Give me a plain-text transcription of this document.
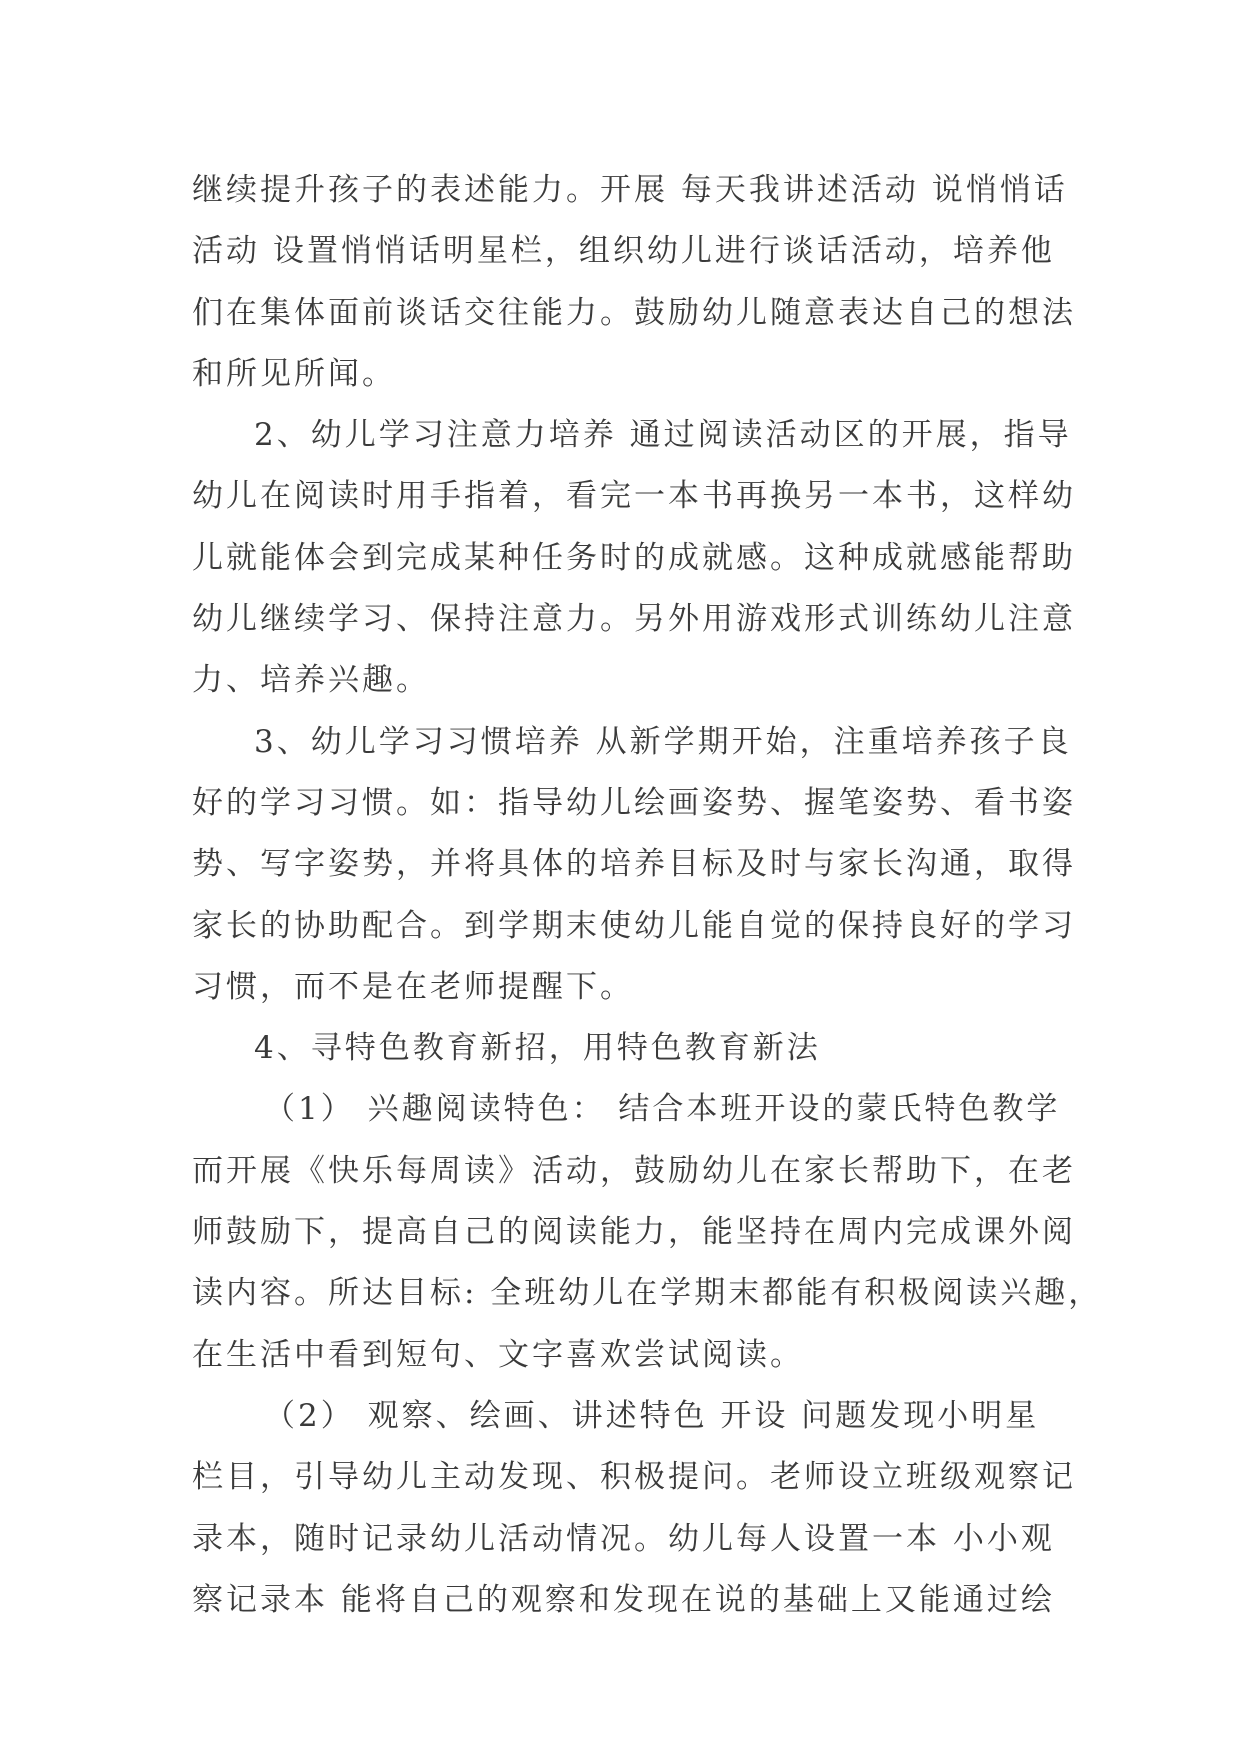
继续提升孩子的表述能力。开展 每天我讲述活动 说悄悄话
活动 设置悄悄话明星栏，组织幼儿进行谈话活动，培养他
们在集体面前谈话交往能力。鼓励幼儿随意表达自己的想法
和所见所闻。
2、幼儿学习注意力培养 通过阅读活动区的开展，指导
幼儿在阅读时用手指着，看完一本书再换另一本书，这样幼
儿就能体会到完成某种任务时的成就感。这种成就感能帮助
幼儿继续学习、保持注意力。另外用游戏形式训练幼儿注意
力、培养兴趣。
3、幼儿学习习惯培养 从新学期开始，注重培养孩子良
好的学习习惯。如：指导幼儿绘画姿势、握笔姿势、看书姿
势、写字姿势，并将具体的培养目标及时与家长沟通，取得
家长的协助配合。到学期末使幼儿能自觉的保持良好的学习
习惯，而不是在老师提醒下。
4、寻特色教育新招，用特色教育新法
（1） 兴趣阅读特色： 结合本班开设的蒙氏特色教学
而开展《快乐每周读》活动，鼓励幼儿在家长帮助下，在老
师鼓励下，提高自己的阅读能力，能坚持在周内完成课外阅
读内容。所达目标: 全班幼儿在学期末都能有积极阅读兴趣，
在生活中看到短句、文字喜欢尝试阅读。
（2） 观察、绘画、讲述特色 开设 问题发现小明星
栏目，引导幼儿主动发现、积极提问。老师设立班级观察记
录本，随时记录幼儿活动情况。幼儿每人设置一本 小小观
察记录本 能将自己的观察和发现在说的基础上又能通过绘
